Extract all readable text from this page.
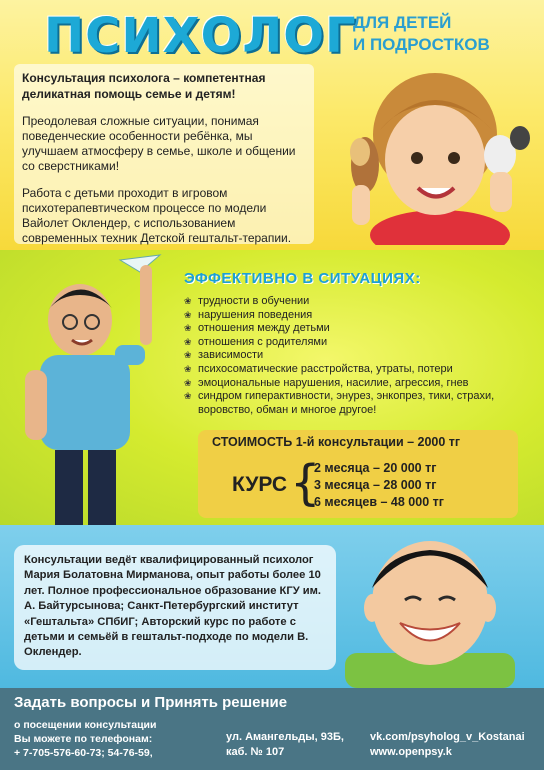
ПСИХОЛОГ
ДЛЯ ДЕТЕЙ
И ПОДРОСТКОВ

Консультация психолога – компетентная деликатная помощь семье и детям!

Преодолевая сложные ситуации, понимая поведенческие особенности ребёнка, мы улучшаем атмосферу в семье, школе и общении со сверстниками!

Работа с детьми проходит в игровом психотерапевтическом процессе по модели Вайолет Оклендер, с использованием современных техник Детской гештальт-терапии.

ЭФФЕКТИВНО В СИТУАЦИЯХ:
❀ трудности в обучении
❀ нарушения поведения
❀ отношения между детьми
❀ отношения с родителями
❀ зависимости
❀ психосоматические расстройства, утраты, потери
❀ эмоциональные нарушения, насилие, агрессия, гнев
❀ синдром гиперактивности, энурез, энкопрез, тики, страхи,
воровство, обман и многое другое!
СТОИМОСТЬ 1-й консультации – 2000 тг
КУРС {
2 месяца – 20 000 тг
3 месяца – 28 000 тг
6 месяцев – 48 000 тг

Консультации ведёт квалифицированный психолог Мария Болатовна Мирманова, опыт работы более 10 лет. Полное профессиональное образование КГУ им. А. Байтурсынова; Санкт-Петербургский институт «Гештальта» СПбИГ; Авторский курс по работе с детьми и семьёй в гештальт-подходе по модели В. Оклендер.

Задать вопросы и Принять решение
о посещении консультации
Вы можете по телефонам:
+ 7-705-576-60-73; 54-76-59,
ул. Амангельды, 93Б,
каб. № 107
vk.com/psyholog_v_Kostanai
www.openpsy.k
